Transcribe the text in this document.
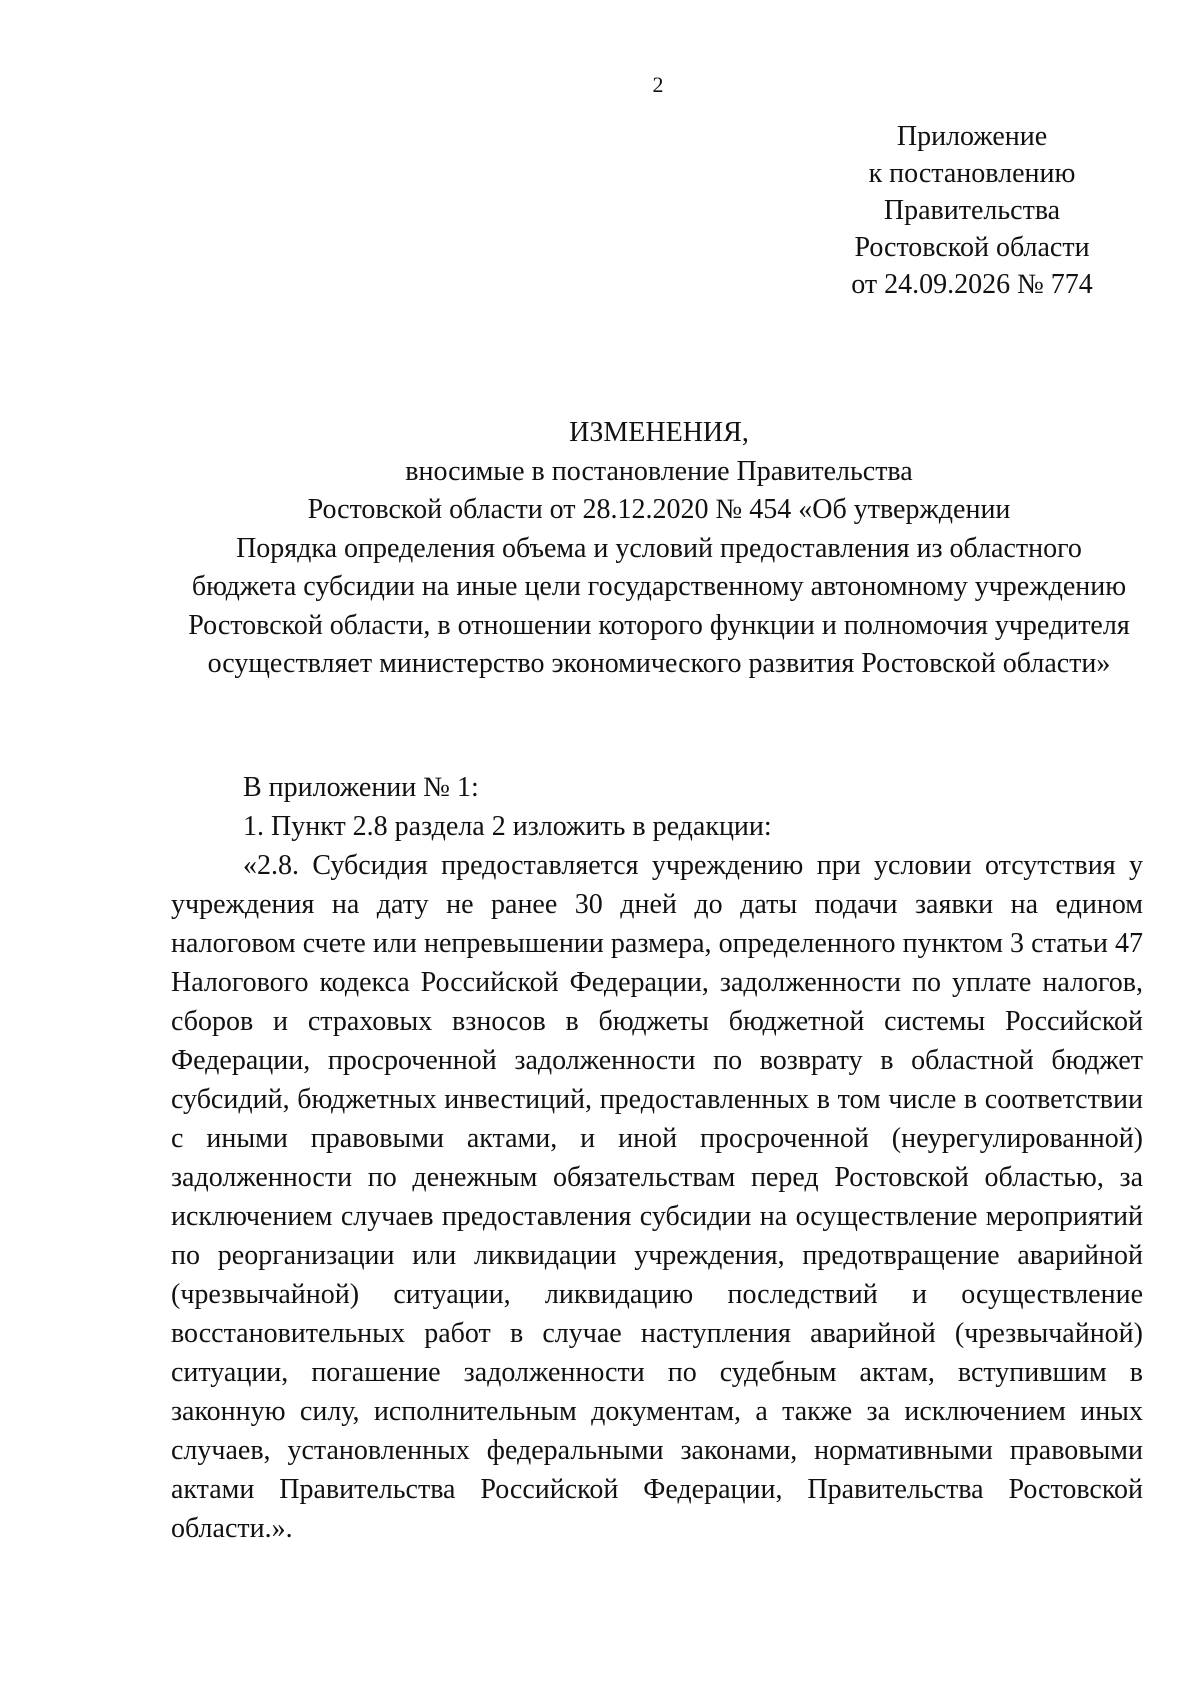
2
Приложение
к постановлению
Правительства
Ростовской области
от 24.09.2026 № 774
ИЗМЕНЕНИЯ,
вносимые в постановление Правительства
Ростовской области от 28.12.2020 № 454 «Об утверждении
Порядка определения объема и условий предоставления из областного
бюджета субсидии на иные цели государственному автономному учреждению
Ростовской области, в отношении которого функции и полномочия учредителя
осуществляет министерство экономического развития Ростовской области»

В приложении № 1:

1. Пункт 2.8 раздела 2 изложить в редакции:

«2.8. Субсидия предоставляется учреждению при условии отсутствия у учреждения на дату не ранее 30 дней до даты подачи заявки на едином налоговом счете или непревышении размера, определенного пунктом 3 статьи 47 Налогового кодекса Российской Федерации, задолженности по уплате налогов, сборов и страховых взносов в бюджеты бюджетной системы Российской Федерации, просроченной задолженности по возврату в областной бюджет субсидий, бюджетных инвестиций, предоставленных в том числе в соответствии с иными правовыми актами, и иной просроченной (неурегулированной) задолженности по денежным обязательствам перед Ростовской областью, за исключением случаев предоставления субсидии на осуществление мероприятий по реорганизации или ликвидации учреждения, предотвращение аварийной (чрезвычайной) ситуации, ликвидацию последствий и осуществление восстановительных работ в случае наступления аварийной (чрезвычайной) ситуации, погашение задолженности по судебным актам, вступившим в законную силу, исполнительным документам, а также за исключением иных случаев, установленных федеральными законами, нормативными правовыми актами Правительства Российской Федерации, Правительства Ростовской области.».
